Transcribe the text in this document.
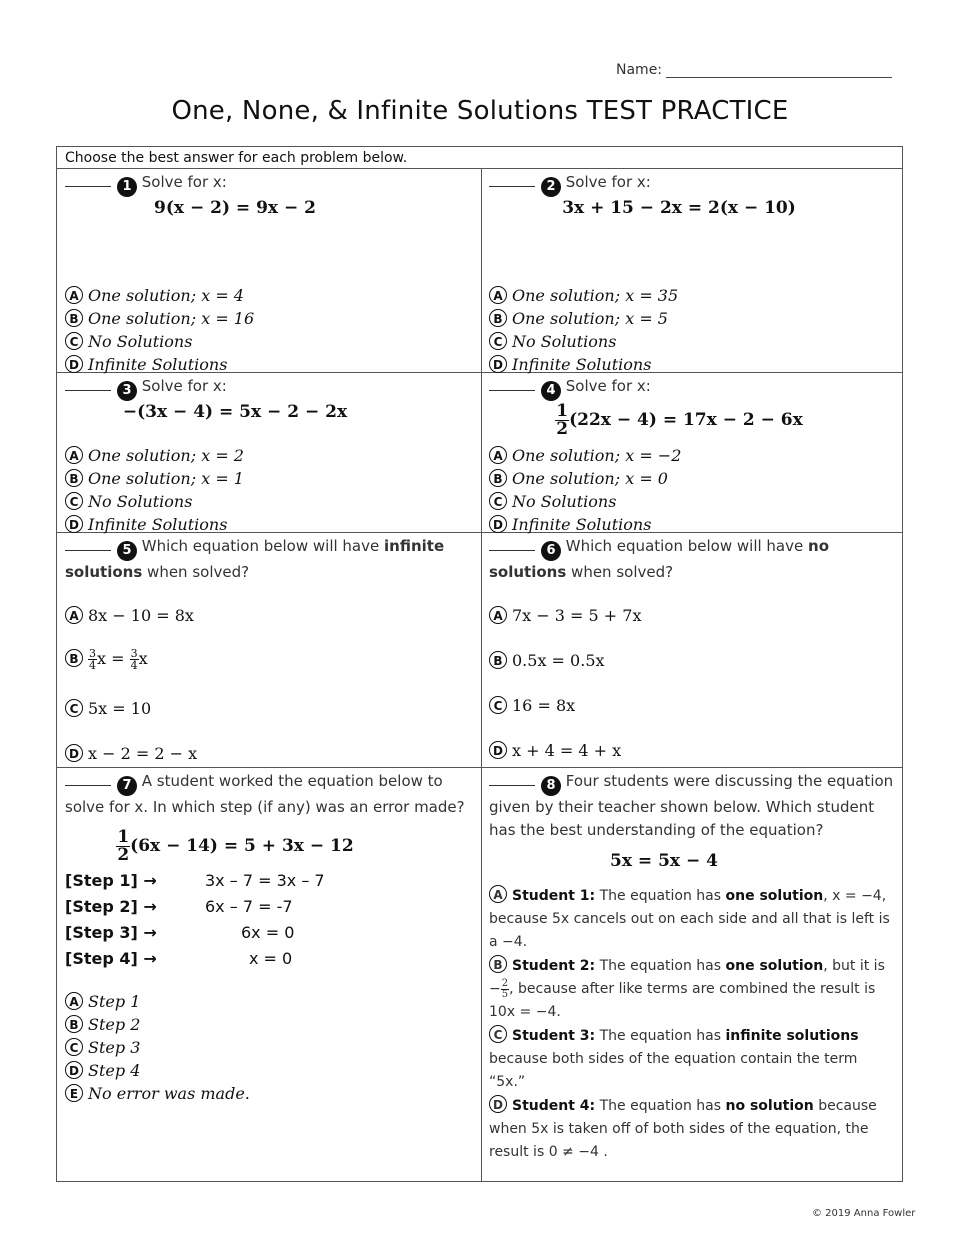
Name:
One, None, & Infinite Solutions TEST PRACTICE
Choose the best answer for each problem below.
1 Solve for x:
9(x − 2) = 9x − 2
A One solution; x = 4
B One solution; x = 16
C No Solutions
D Infinite Solutions
2 Solve for x:
3x + 15 − 2x = 2(x − 10)
A One solution; x = 35
B One solution; x = 5
C No Solutions
D Infinite Solutions
3 Solve for x:
−(3x − 4) = 5x − 2 − 2x
A One solution; x = 2
B One solution; x = 1
C No Solutions
D Infinite Solutions
4 Solve for x:
$\frac{1}{2} (22x - 4) = 17x - 2 - 6x$
A One solution; x = −2
B One solution; x = 0
C No Solutions
D Infinite Solutions
5 Which equation below will have infinite solutions when solved?
A 8x − 10 = 8x
B $\frac{3}{4}$ $x = \frac{3}{4}$ x
C 5x = 10
D x − 2 = 2 − x
6 Which equation below will have no solutions when solved?
A 7x − 3 = 5 + 7x
B 0.5x = 0.5x
C 16 = 8x
D x + 4 = 4 + x
7 A student worked the equation below to solve for x. In which step (if any) was an error made?
$\frac{1}{2} (6x - 14) = 5 + 3x - 12$
[Step 1] →	3x – 7 = 3x – 7
[Step 2] →	6x – 7 = -7
[Step 3] →	6x = 0
[Step 4] →	x = 0
A Step 1
B Step 2
C Step 3
D Step 4
E No error was made.
8 Four students were discussing the equation given by their teacher shown below. Which student has the best understanding of the equation?
5x = 5x − 4
A Student 1: The equation has one solution, x = −4, because 5x cancels out on each side and all that is left is a −4.
B Student 2: The equation has one solution, but it is − $\frac{2}{5}$ , because after like terms are combined the result is 10x = −4.
C Student 3: The equation has infinite solutions because both sides of the equation contain the term “5x.”
D Student 4: The equation has no solution because when 5x is taken off of both sides of the equation, the result is 0 ≠ −4 .
© 2019 Anna Fowler
